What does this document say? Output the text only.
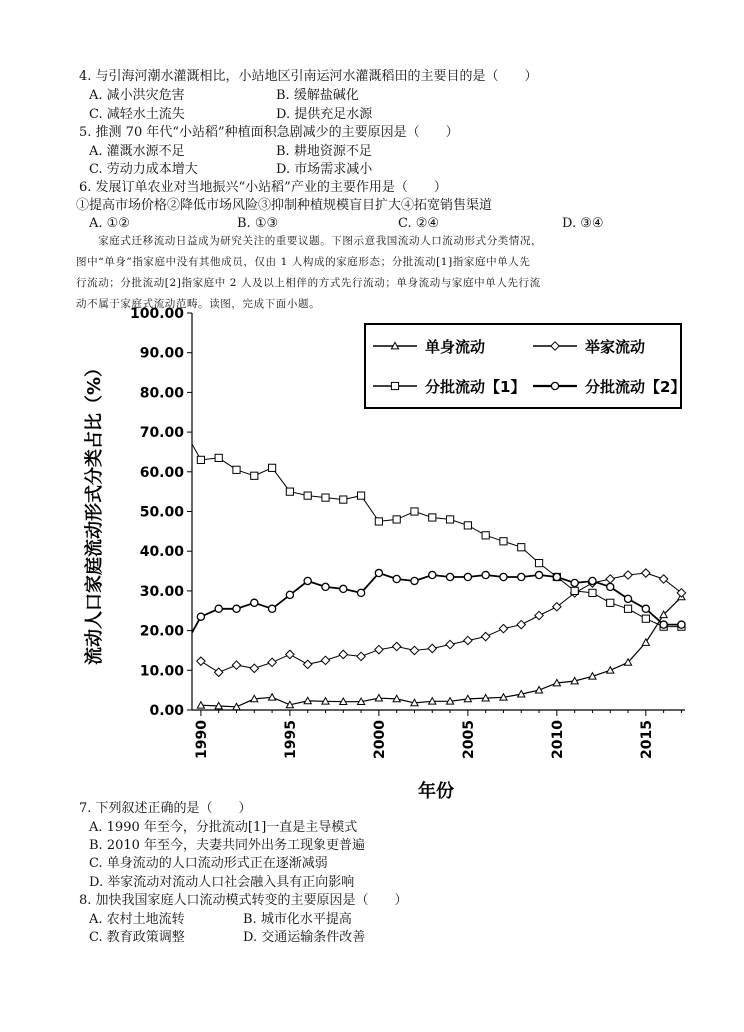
4. 与引海河潮水灌溉相比，小站地区引南运河水灌溉稻田的主要目的是（　　）
A. 减小洪灾危害	B. 缓解盐碱化
C. 减轻水土流失	D. 提供充足水源
5. 推测 70 年代“小站稻”种植面积急剧减少的主要原因是（　　）
A. 灌溉水源不足	B. 耕地资源不足
C. 劳动力成本增大	D. 市场需求减小
6. 发展订单农业对当地振兴“小站稻”产业的主要作用是（　　）
①提高市场价格②降低市场风险③抑制种植规模盲目扩大④拓宽销售渠道
A. ①②	B. ①③	C. ②④	D. ③④
　　家庭式迁移流动日益成为研究关注的重要议题。下图示意我国流动人口流动形式分类情况，
图中“单身”指家庭中没有其他成员，仅由 1 人构成的家庭形态；分批流动[1]指家庭中单人先
行流动；分批流动[2]指家庭中 2 人及以上相伴的方式先行流动；单身流动与家庭中单人先行流
动不属于家庭式流动范畴。读图，完成下面小题。
0.00
10.00
20.00
30.00
40.00
50.00
60.00
70.00
80.00
90.00
100.00
1990	1995	2000	2005	2010	2015
单身流动	举家流动
分批流动【1】	分批流动【2】
年份
流动人口家庭流动形式分类占比（%）
7. 下列叙述正确的是（　　）
A. 1990 年至今，分批流动[1]一直是主导模式
B. 2010 年至今，夫妻共同外出务工现象更普遍
C. 单身流动的人口流动形式正在逐渐减弱
D. 举家流动对流动人口社会融入具有正向影响
8. 加快我国家庭人口流动模式转变的主要原因是（　　）
A. 农村土地流转	B. 城市化水平提高
C. 教育政策调整	D. 交通运输条件改善
